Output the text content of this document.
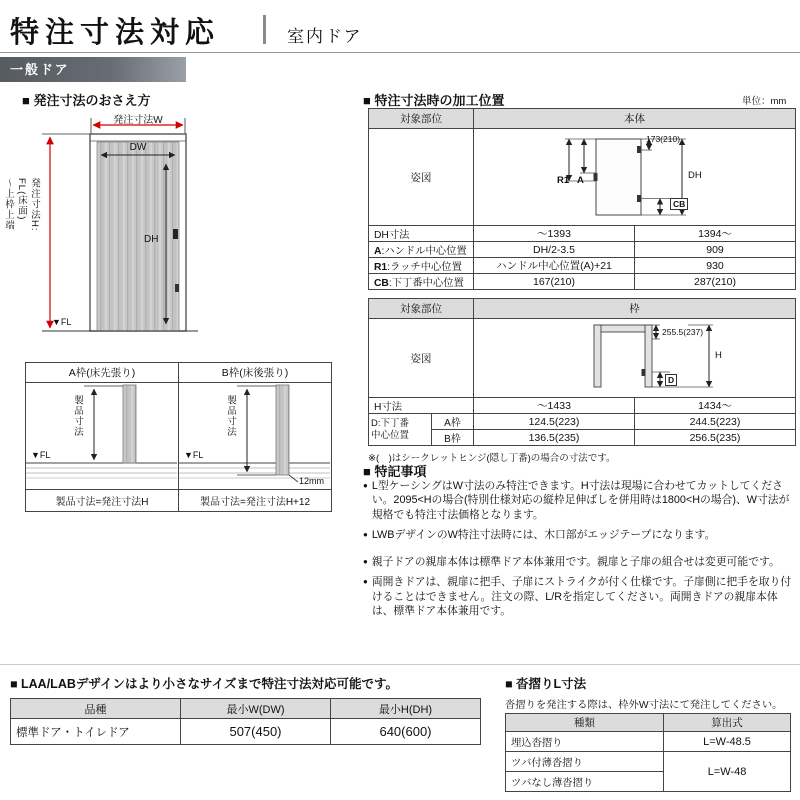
特注寸法対応	室内ドア
一般ドア
■ 発注寸法のおさえ方
発注寸法W
DW
DH
発注寸法H:
FL(床面)
～上枠上端
▼FL
A枠(床先張り)	B枠(床後張り)

製品寸法
▼FL

製品寸法
▼FL
12mm

製品寸法=発注寸法H	製品寸法=発注寸法H+12
■ 特注寸法時の加工位置	単位：mm
対象部位	本体	
姿図	173(210)
DH
R1 A
CB	

DH寸法	～1393	1394～
A:ハンドル中心位置	DH/2-3.5	909
R1:ラッチ中心位置	ハンドル中心位置(A)+21	930
CB:下丁番中心位置	167(210)	287(210)
対象部位		枠	
姿図		255.5(237)
H
D	

H寸法		～1433	1434～
D:下丁番
中心位置	A枠	124.5(223)	244.5(223)
	B枠	136.5(235)	256.5(235)
※(　)はシークレットヒンジ(隠し丁番)の場合の寸法です。
■ 特記事項
● L型ケーシングはW寸法のみ特注できます。H寸法は現場に合わせてカットしてください。2095<Hの場合(特別仕様対応の縦枠足伸ばしを併用時は1800<Hの場合)、W寸法が規格でも特注寸法価格となります。
● LWBデザインのW特注寸法時には、木口部がエッジテープになります。
● 親子ドアの親扉本体は標準ドア本体兼用です。親扉と子扉の組合せは変更可能です。
● 両開きドアは、親扉に把手、子扉にストライクが付く仕様です。子扉側に把手を取り付けることはできません。注文の際、L/Rを指定してください。両開きドアの親扉本体は、標準ドア本体兼用です。
■ LAA/LABデザインはより小さなサイズまで特注寸法対応可能です。
品種	最小W(DW)	最小H(DH)
標準ドア・トイレドア	507(450)	640(600)
■ 沓摺りL寸法
沓摺りを発注する際は、枠外W寸法にて発注してください。
種類	算出式
埋込沓摺り	L=W-48.5
ツバ付薄沓摺り	L=W-48
ツバなし薄沓摺り	
